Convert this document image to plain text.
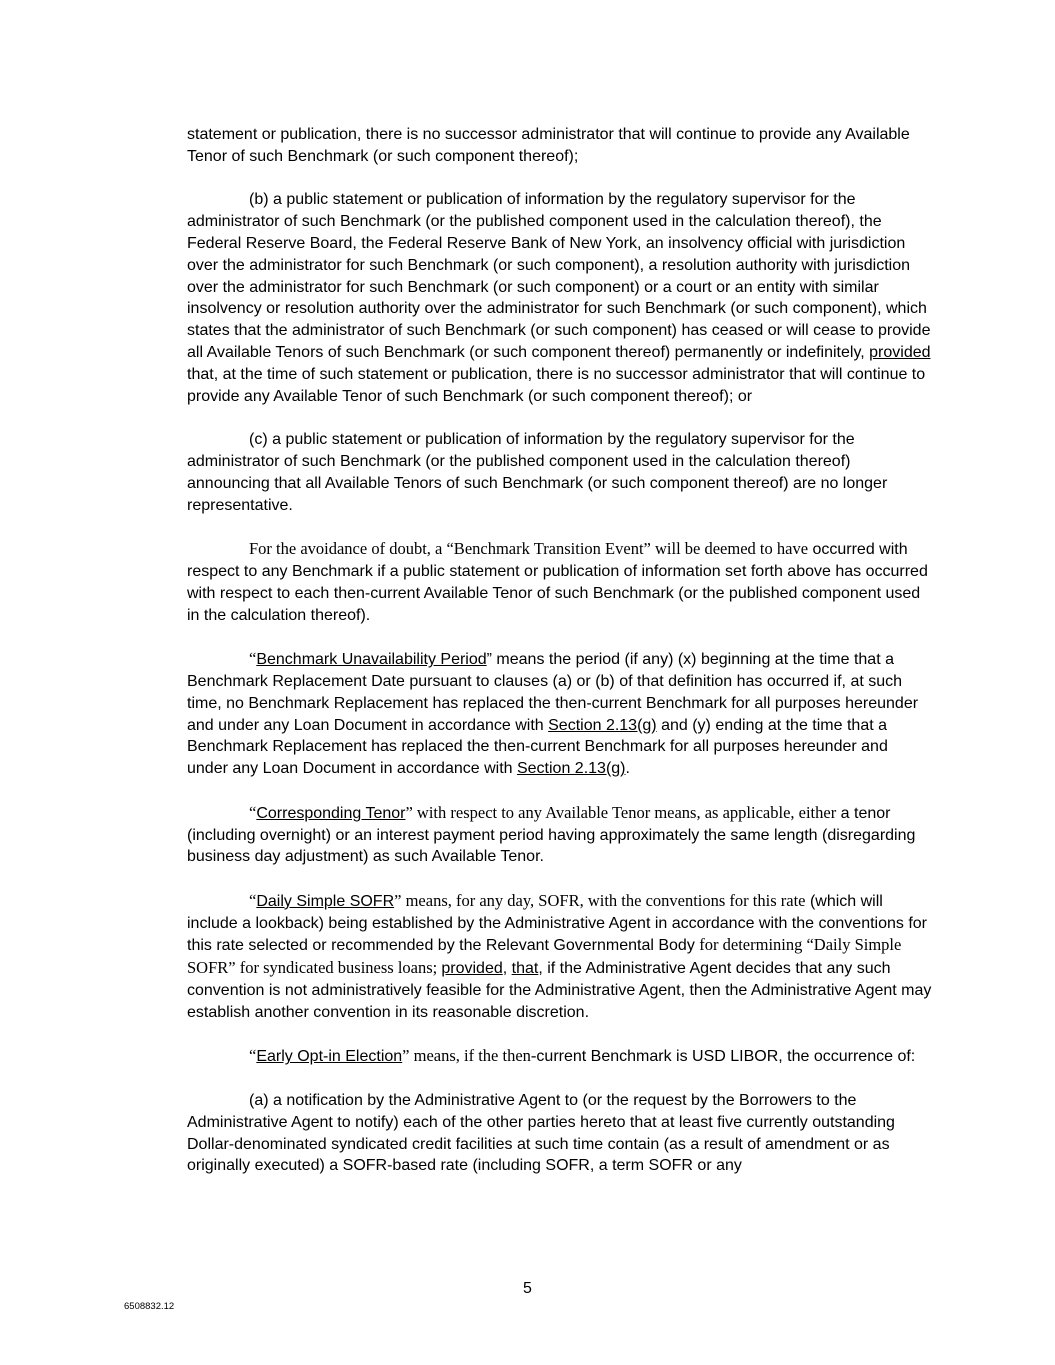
statement or publication, there is no successor administrator that will continue to provide any Available Tenor of such Benchmark (or such component thereof);

(b) a public statement or publication of information by the regulatory supervisor for the administrator of such Benchmark (or the published component used in the calculation thereof), the Federal Reserve Board, the Federal Reserve Bank of New York, an insolvency official with jurisdiction over the administrator for such Benchmark (or such component), a resolution authority with jurisdiction over the administrator for such Benchmark (or such component) or a court or an entity with similar insolvency or resolution authority over the administrator for such Benchmark (or such component), which states that the administrator of such Benchmark (or such component) has ceased or will cease to provide all Available Tenors of such Benchmark (or such component thereof) permanently or indefinitely, provided that, at the time of such statement or publication, there is no successor administrator that will continue to provide any Available Tenor of such Benchmark (or such component thereof); or

(c) a public statement or publication of information by the regulatory supervisor for the administrator of such Benchmark (or the published component used in the calculation thereof) announcing that all Available Tenors of such Benchmark (or such component thereof) are no longer representative.

For the avoidance of doubt, a “Benchmark Transition Event” will be deemed to have occurred with respect to any Benchmark if a public statement or publication of information set forth above has occurred with respect to each then-current Available Tenor of such Benchmark (or the published component used in the calculation thereof).

“Benchmark Unavailability Period” means the period (if any) (x) beginning at the time that a Benchmark Replacement Date pursuant to clauses (a) or (b) of that definition has occurred if, at such time, no Benchmark Replacement has replaced the then-current Benchmark for all purposes hereunder and under any Loan Document in accordance with Section 2.13(g) and (y) ending at the time that a Benchmark Replacement has replaced the then-current Benchmark for all purposes hereunder and under any Loan Document in accordance with Section 2.13(g).

“Corresponding Tenor” with respect to any Available Tenor means, as applicable, either a tenor (including overnight) or an interest payment period having approximately the same length (disregarding business day adjustment) as such Available Tenor.

“Daily Simple SOFR” means, for any day, SOFR, with the conventions for this rate (which will include a lookback) being established by the Administrative Agent in accordance with the conventions for this rate selected or recommended by the Relevant Governmental Body for determining “Daily Simple SOFR” for syndicated business loans; provided, that, if the Administrative Agent decides that any such convention is not administratively feasible for the Administrative Agent, then the Administrative Agent may establish another convention in its reasonable discretion.

“Early Opt-in Election” means, if the then-current Benchmark is USD LIBOR, the occurrence of:

(a) a notification by the Administrative Agent to (or the request by the Borrowers to the Administrative Agent to notify) each of the other parties hereto that at least five currently outstanding Dollar-denominated syndicated credit facilities at such time contain (as a result of amendment or as originally executed) a SOFR-based rate (including SOFR, a term SOFR or any

5
6508832.12
